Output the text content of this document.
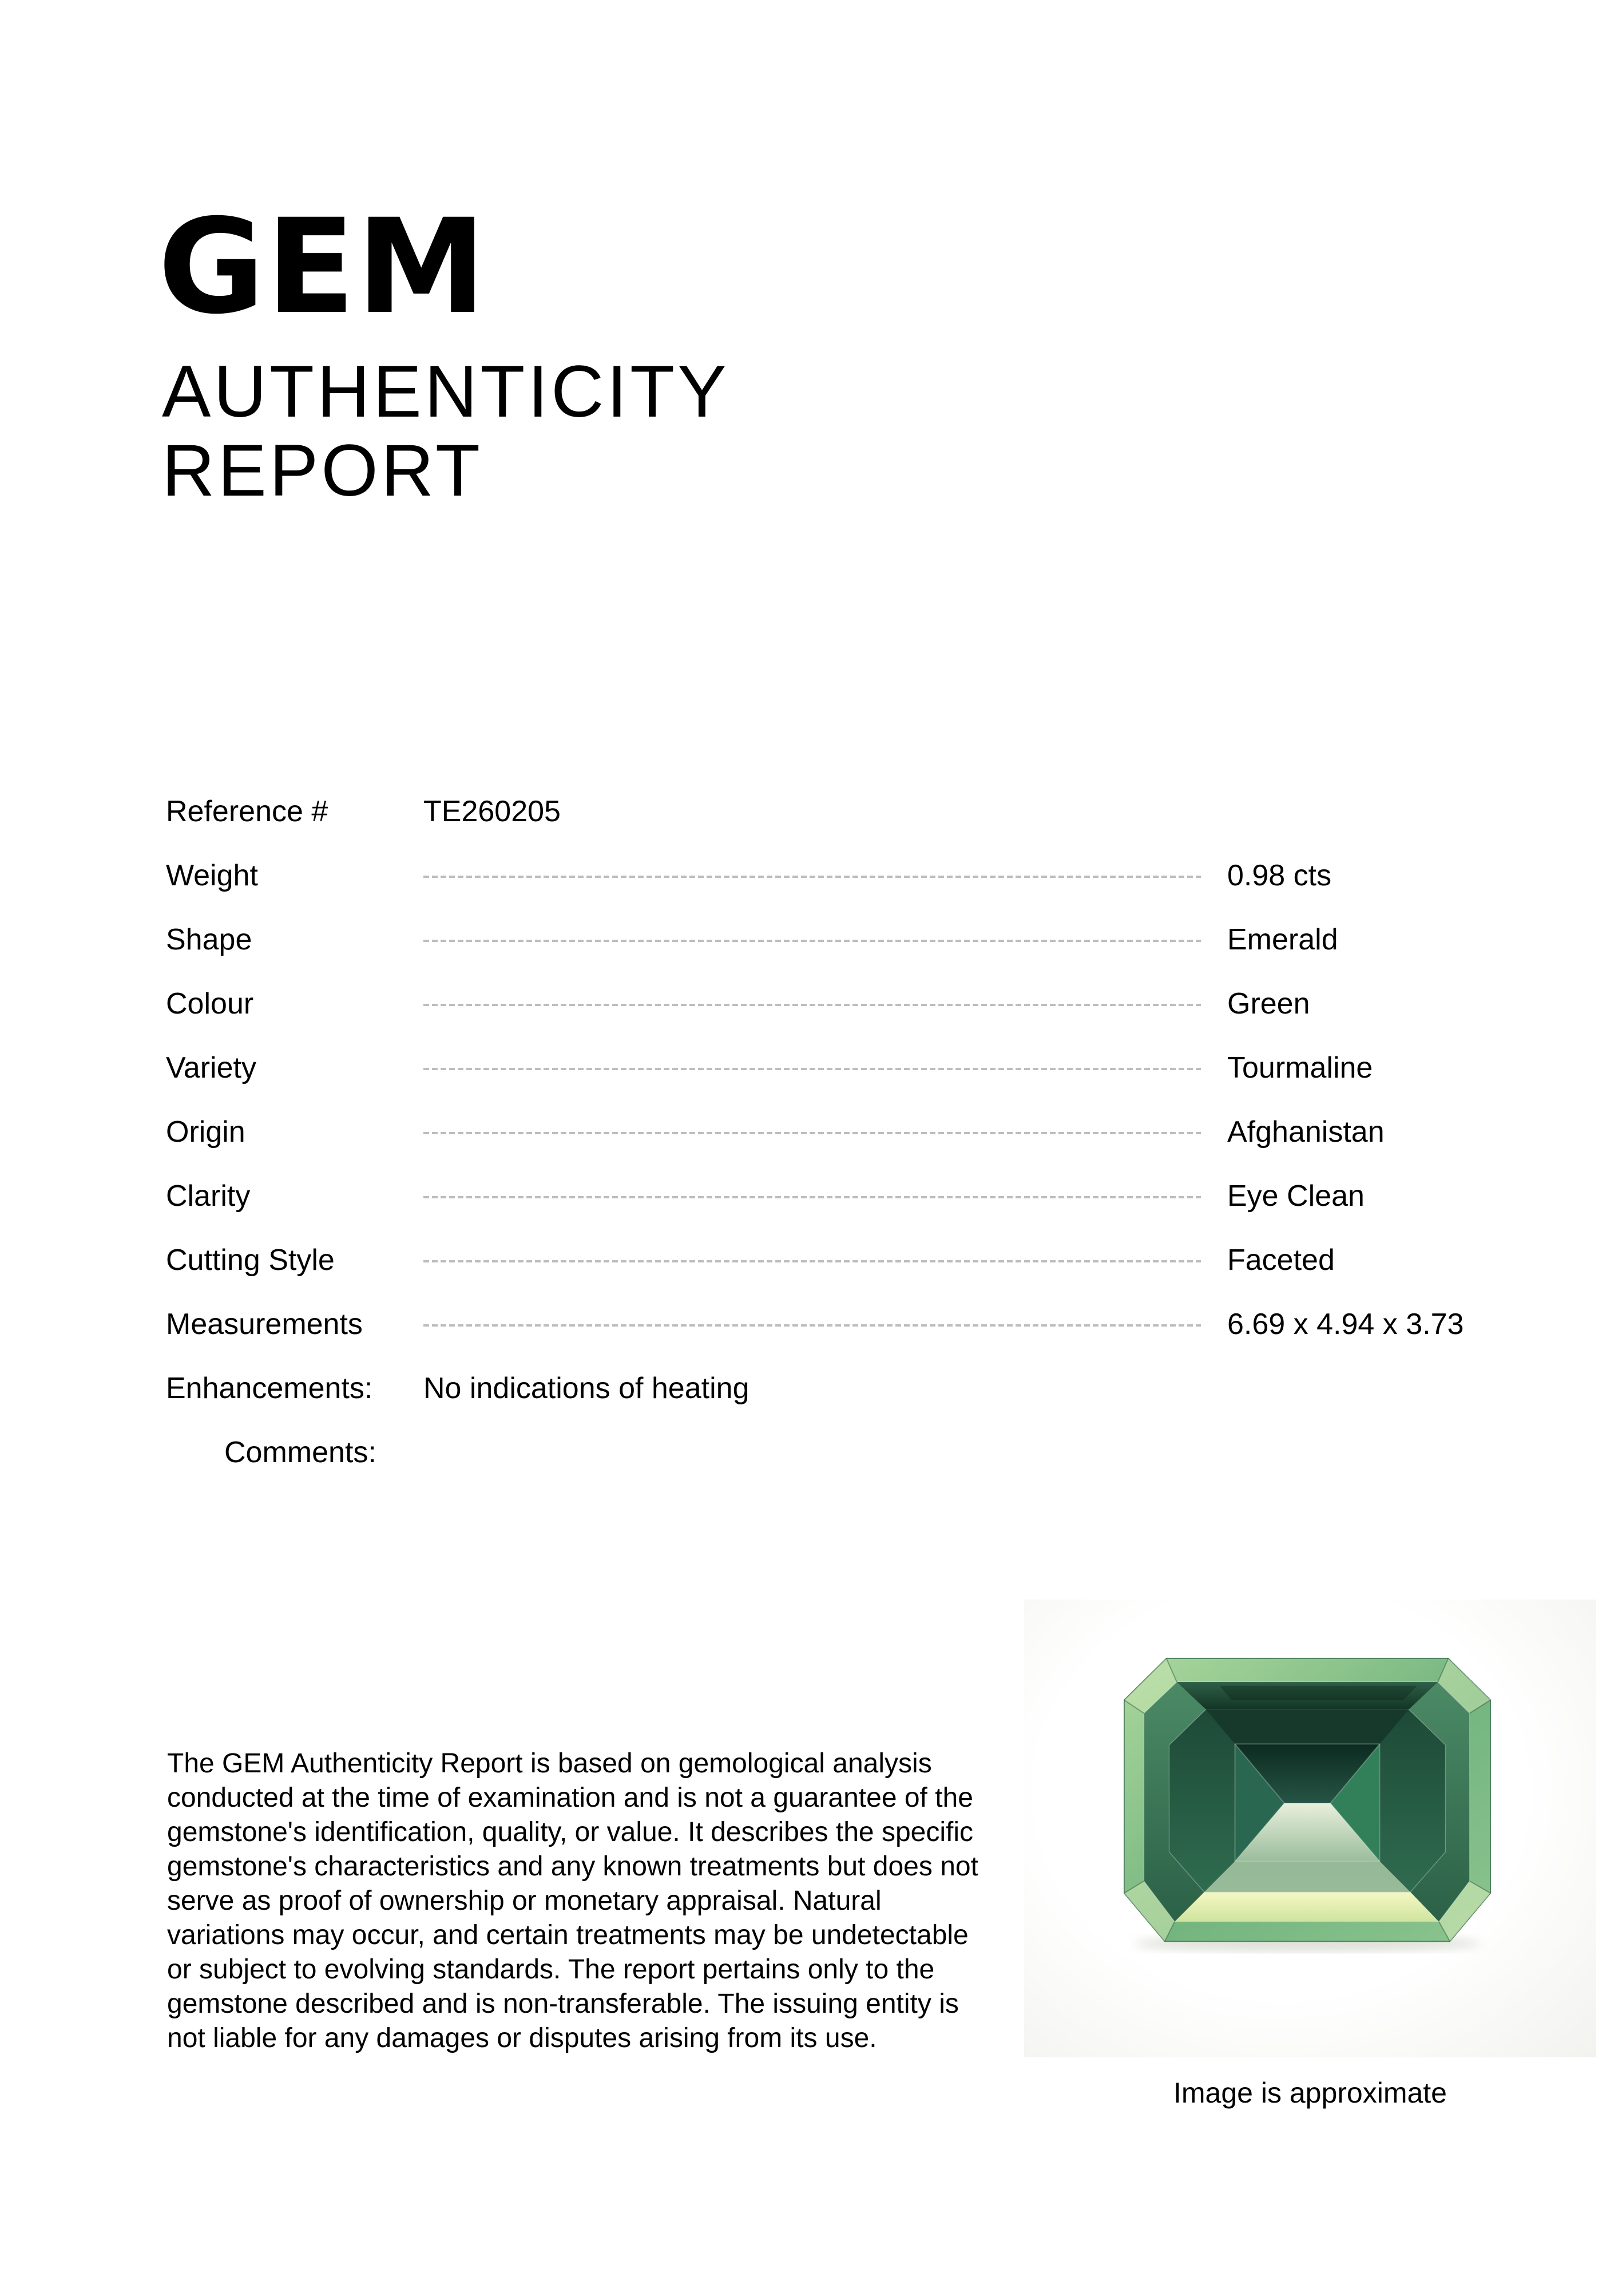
GEM
AUTHENTICITY
REPORT
Reference #	TE260205
Weight	0.98 cts
Shape	Emerald
Colour	Green
Variety	Tourmaline
Origin	Afghanistan
Clarity	Eye Clean
Cutting Style	Faceted
Measurements	6.69 x 4.94 x 3.73
Enhancements:	No indications of heating
Comments:
The GEM Authenticity Report is based on gemological analysis
conducted at the time of examination and is not a guarantee of the
gemstone's identification, quality, or value. It describes the specific
gemstone's characteristics and any known treatments but does not
serve as proof of ownership or monetary appraisal. Natural
variations may occur, and certain treatments may be undetectable
or subject to evolving standards. The report pertains only to the
gemstone described and is non-transferable. The issuing entity is
not liable for any damages or disputes arising from its use.
Image is approximate
